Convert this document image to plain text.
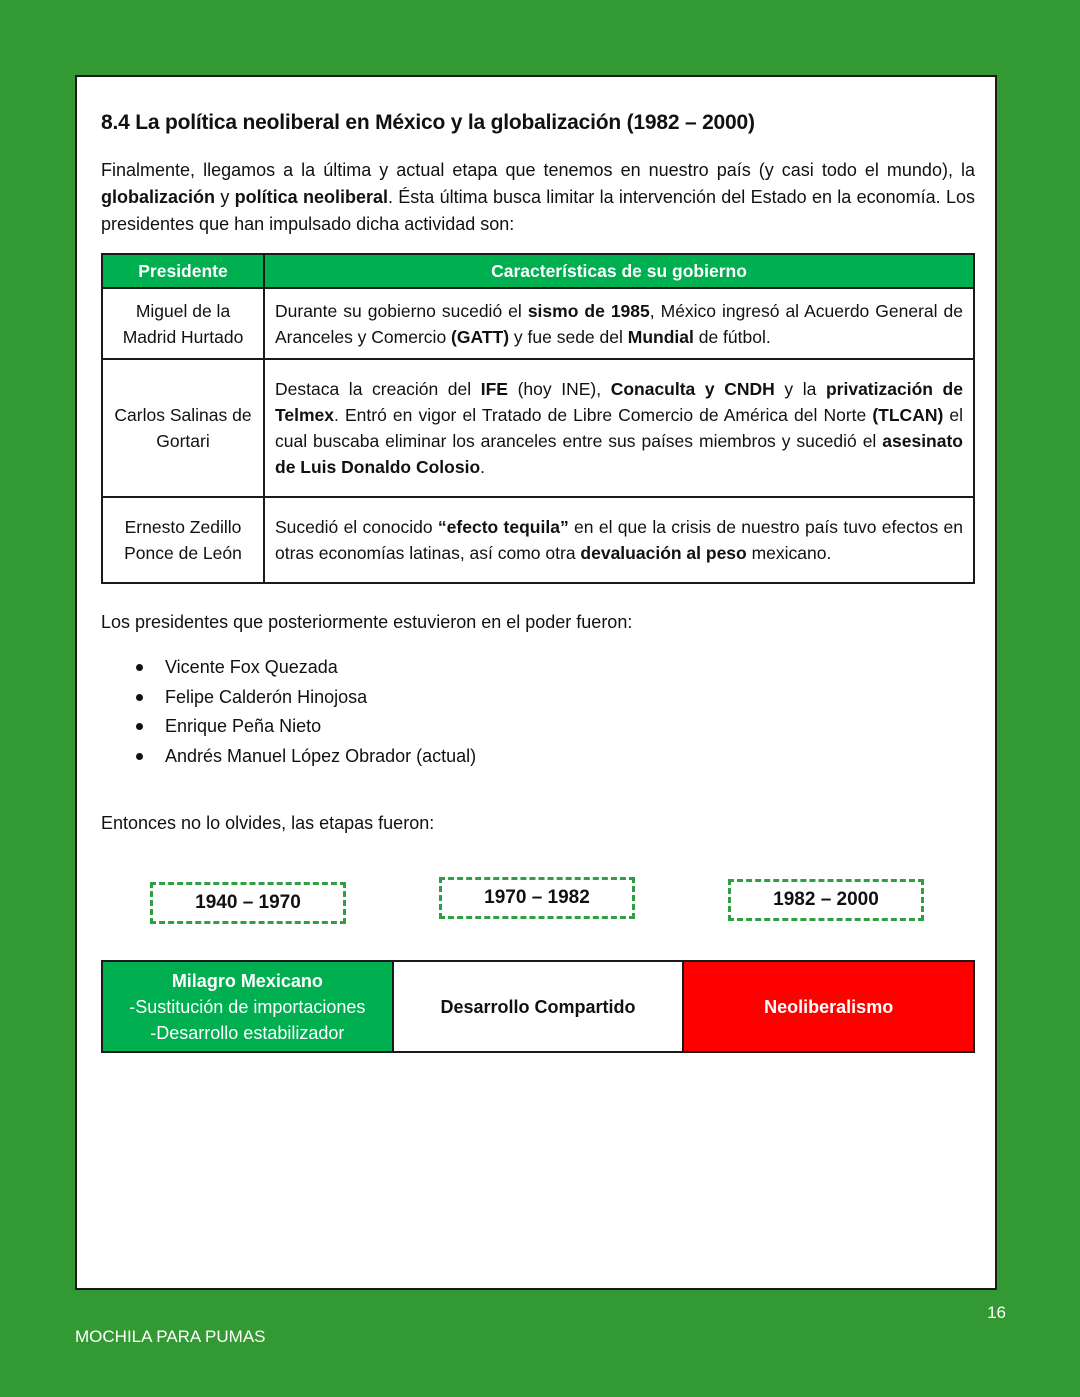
8.4 La política neoliberal en México y la globalización (1982 – 2000)
Finalmente, llegamos a la última y actual etapa que tenemos en nuestro país (y casi todo el mundo), la globalización y política neoliberal. Ésta última busca limitar la intervención del Estado en la economía. Los presidentes que han impulsado dicha actividad son:
Presidente	Características de su gobierno
Miguel de la Madrid Hurtado	Durante su gobierno sucedió el sismo de 1985, México ingresó al Acuerdo General de Aranceles y Comercio (GATT) y fue sede del Mundial de fútbol.
Carlos Salinas de Gortari	Destaca la creación del IFE (hoy INE), Conaculta y CNDH y la privatización de Telmex. Entró en vigor el Tratado de Libre Comercio de América del Norte (TLCAN) el cual buscaba eliminar los aranceles entre sus países miembros y sucedió el asesinato de Luis Donaldo Colosio.
Ernesto Zedillo Ponce de León	Sucedió el conocido “efecto tequila” en el que la crisis de nuestro país tuvo efectos en otras economías latinas, así como otra devaluación al peso mexicano.
Los presidentes que posteriormente estuvieron en el poder fueron:
Vicente Fox Quezada
Felipe Calderón Hinojosa
Enrique Peña Nieto
Andrés Manuel López Obrador (actual)
Entonces no lo olvides, las etapas fueron:
1940 – 1970	1970 – 1982	1982 – 2000
Milagro Mexicano
-Sustitución de importaciones
-Desarrollo estabilizador
Desarrollo Compartido	Neoliberalismo
16
MOCHILA PARA PUMAS
